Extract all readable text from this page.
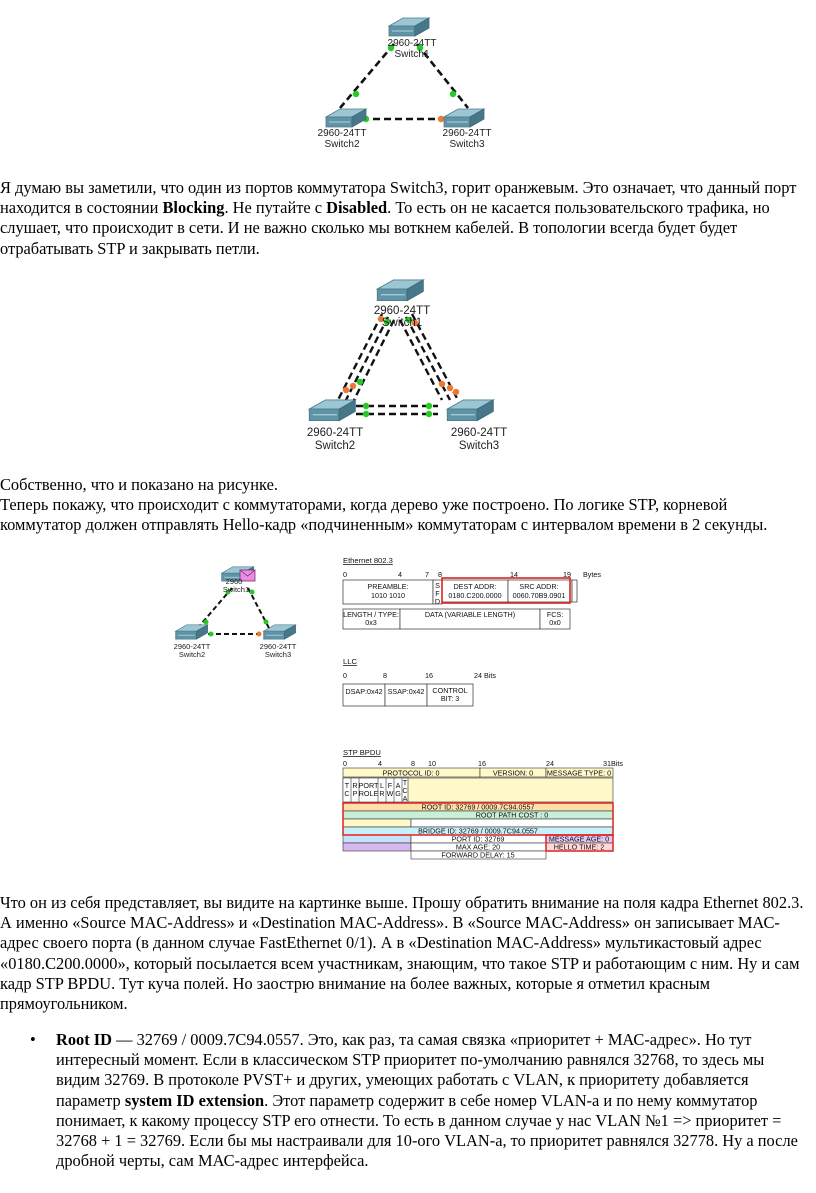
2960-24TT
Switch1
2960-24TT
Switch2
2960-24TT
Switch3
Я думаю вы заметили, что один из портов коммутатора Switch3, горит оранжевым. Это означает, что данный порт находится в состоянии Blocking. Не путайте с Disabled. То есть он не касается пользовательского трафика, но слушает, что происходит в сети. И не важно сколько мы воткнем кабелей. В топологии всегда будет будет отрабатывать STP и закрывать петли.
2960-24TT
Switch1
2960-24TT
Switch2
2960-24TT
Switch3
Собственно, что и показано на рисунке.
Теперь покажу, что происходит с коммутаторами, когда дерево уже построено. По логике STP, корневой коммутатор должен отправлять Hello-кадр «подчиненным» коммутаторам с интервалом времени в 2 секунды.
2960
Switch1
2960-24TT
Switch2
2960-24TT
Switch3
Ethernet 802.3
0	4	7 8	14	19 Bytes
PREAMBLE:
1010 1010
S
F
D
DEST ADDR:
0180.C200.0000
SRC ADDR:
0060.70B9.0901
LENGTH / TYPE:
0x3
DATA (VARIABLE LENGTH)	FCS:
0x0
LLC
0	8	16	24 Bits
DSAP:0x42 SSAP:0x42 CONTROL
BIT: 3
STP BPDU
0	4	8 10	16	24	31Bits
PROTOCOL ID: 0	VERSION: 0 MESSAGE TYPE: 0
T
C
R
P
PORT
ROLE
L
R
F
W
A
G
T
C
A
ROOT ID: 32769 / 0009.7C94.0557
ROOT PATH COST : 0
BRIDGE ID: 32769 / 0009.7C94.0557
PORT ID: 32769	MESSAGE AGE: 0
MAX AGE: 20	HELLO TIME: 2
FORWARD DELAY: 15
Что он из себя представляет, вы видите на картинке выше. Прошу обратить внимание на поля кадра Ethernet 802.3. А именно «Source MAC-Address» и «Destination MAC-Address». В «Source MAC-Address» он записывает МАС-адрес своего порта (в данном случае FastEthernet 0/1). А в «Destination MAC-Address» мультикастовый адрес «0180.C200.0000», который посылается всем участникам, знающим, что такое STP и работающим с ним. Ну и сам кадр STP BPDU. Тут куча полей. Но заострю внимание на более важных, которые я отметил красным прямоугольником.
• Root ID — 32769 / 0009.7C94.0557. Это, как раз, та самая связка «приоритет + МАС-адрес». Но тут интересный момент. Если в классическом STP приоритет по-умолчанию равнялся 32768, то здесь мы видим 32769. В протоколе PVST+ и других, умеющих работать с VLAN, к приоритету добавляется параметр system ID extension. Этот параметр содержит в себе номер VLAN-а и по нему коммутатор понимает, к какому процессу STP его отнести. То есть в данном случае у нас VLAN №1 => приоритет = 32768 + 1 = 32769. Если бы мы настраивали для 10-ого VLAN-а, то приоритет равнялся 32778. Ну а после дробной черты, сам МАС-адрес интерфейса.
